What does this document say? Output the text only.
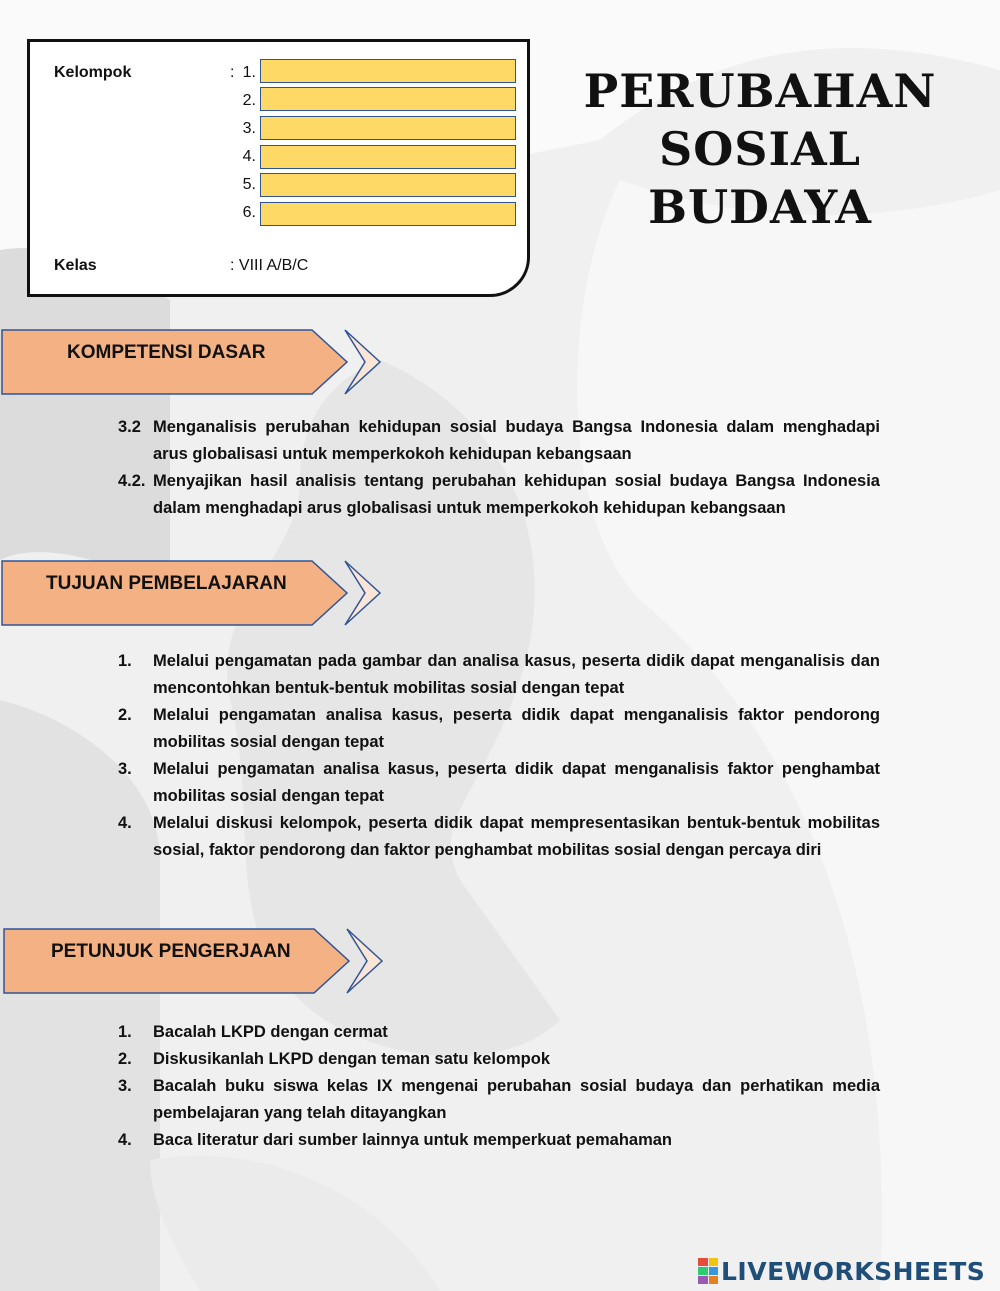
Kelompok	: 1.
2.
3.
4.
5.
6.
Kelas	: VIII A/B/C
PERUBAHAN
SOSIAL BUDAYA
KOMPETENSI DASAR
3.2 Menganalisis perubahan kehidupan sosial budaya Bangsa Indonesia dalam menghadapi arus globalisasi untuk memperkokoh kehidupan kebangsaan
4.2. Menyajikan hasil analisis tentang perubahan kehidupan sosial budaya Bangsa Indonesia dalam menghadapi arus globalisasi untuk memperkokoh kehidupan kebangsaan
TUJUAN PEMBELAJARAN
1. Melalui pengamatan pada gambar dan analisa kasus, peserta didik dapat menganalisis dan mencontohkan bentuk-bentuk mobilitas sosial dengan tepat
2. Melalui pengamatan analisa kasus, peserta didik dapat menganalisis faktor pendorong mobilitas sosial dengan tepat
3. Melalui pengamatan analisa kasus, peserta didik dapat menganalisis faktor penghambat mobilitas sosial dengan tepat
4. Melalui diskusi kelompok, peserta didik dapat mempresentasikan bentuk-bentuk mobilitas sosial, faktor pendorong dan faktor penghambat mobilitas sosial dengan percaya diri
PETUNJUK PENGERJAAN
1. Bacalah LKPD dengan cermat
2. Diskusikanlah LKPD dengan teman satu kelompok
3. Bacalah buku siswa kelas IX mengenai perubahan sosial budaya dan perhatikan media pembelajaran yang telah ditayangkan
4. Baca literatur dari sumber lainnya untuk memperkuat pemahaman
LIVEWORKSHEETS
